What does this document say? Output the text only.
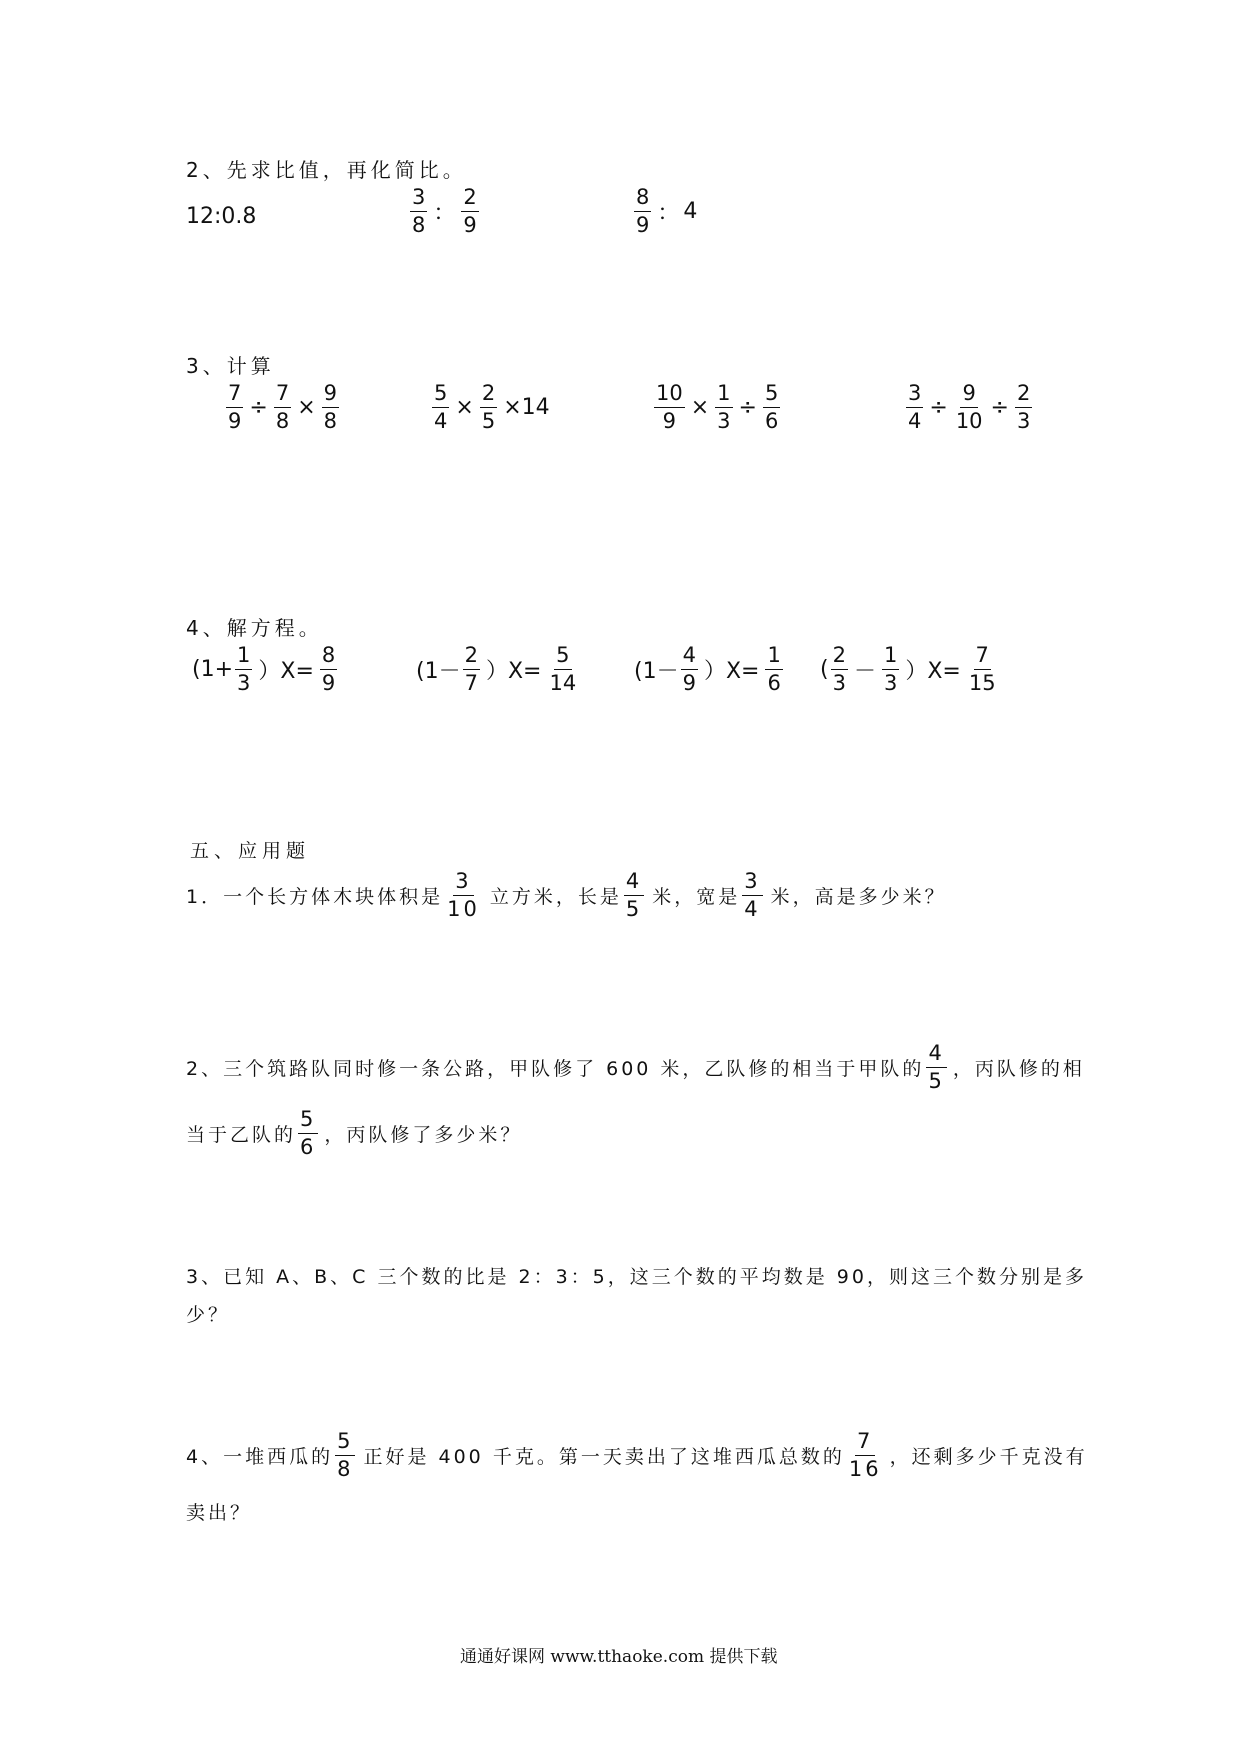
2、先求比值，再化简比。
12:0.8
3
8 ：
2
9
8
9 ： 4
3、计算
$\frac{7}{9} \div \frac{7}{8} \times \frac{9}{8}$	$\frac{5}{4} \times \frac{2}{5} \times 14$	$\frac{10}{9} \times \frac{1}{3} \div \frac{5}{6}$	$\frac{3}{4} \div \frac{9}{10} \div \frac{2}{3}$
4、解方程。
$(1+ \frac{1}{3} )X= \frac{8}{9}$	(1－
2
7 ）$X= \frac{5}{14}$	(1－
4
9 ）$X= \frac{1}{6}$ (
2
3 －
1
3 ）$X= \frac{7}{15}$
五、应用题
1．一个长方体木块体积是
3
10 立方米，长是
4
5 米，宽是
3
4 米，高是多少米？
2、三个筑路队同时修一条公路，甲队修了 600 米，乙队修的相当于甲队的
4
5 ，丙队修的相
当于乙队的
5
6 ，丙队修了多少米？
3、已知 A、B、C 三个数的比是 2：3：5，这三个数的平均数是 90，则这三个数分别是多
少？
4、一堆西瓜的
5
8 正好是 400 千克。第一天卖出了这堆西瓜总数的
7
16 ，还剩多少千克没有
卖出？
通通好课网 www.tthaoke.com 提供下载
